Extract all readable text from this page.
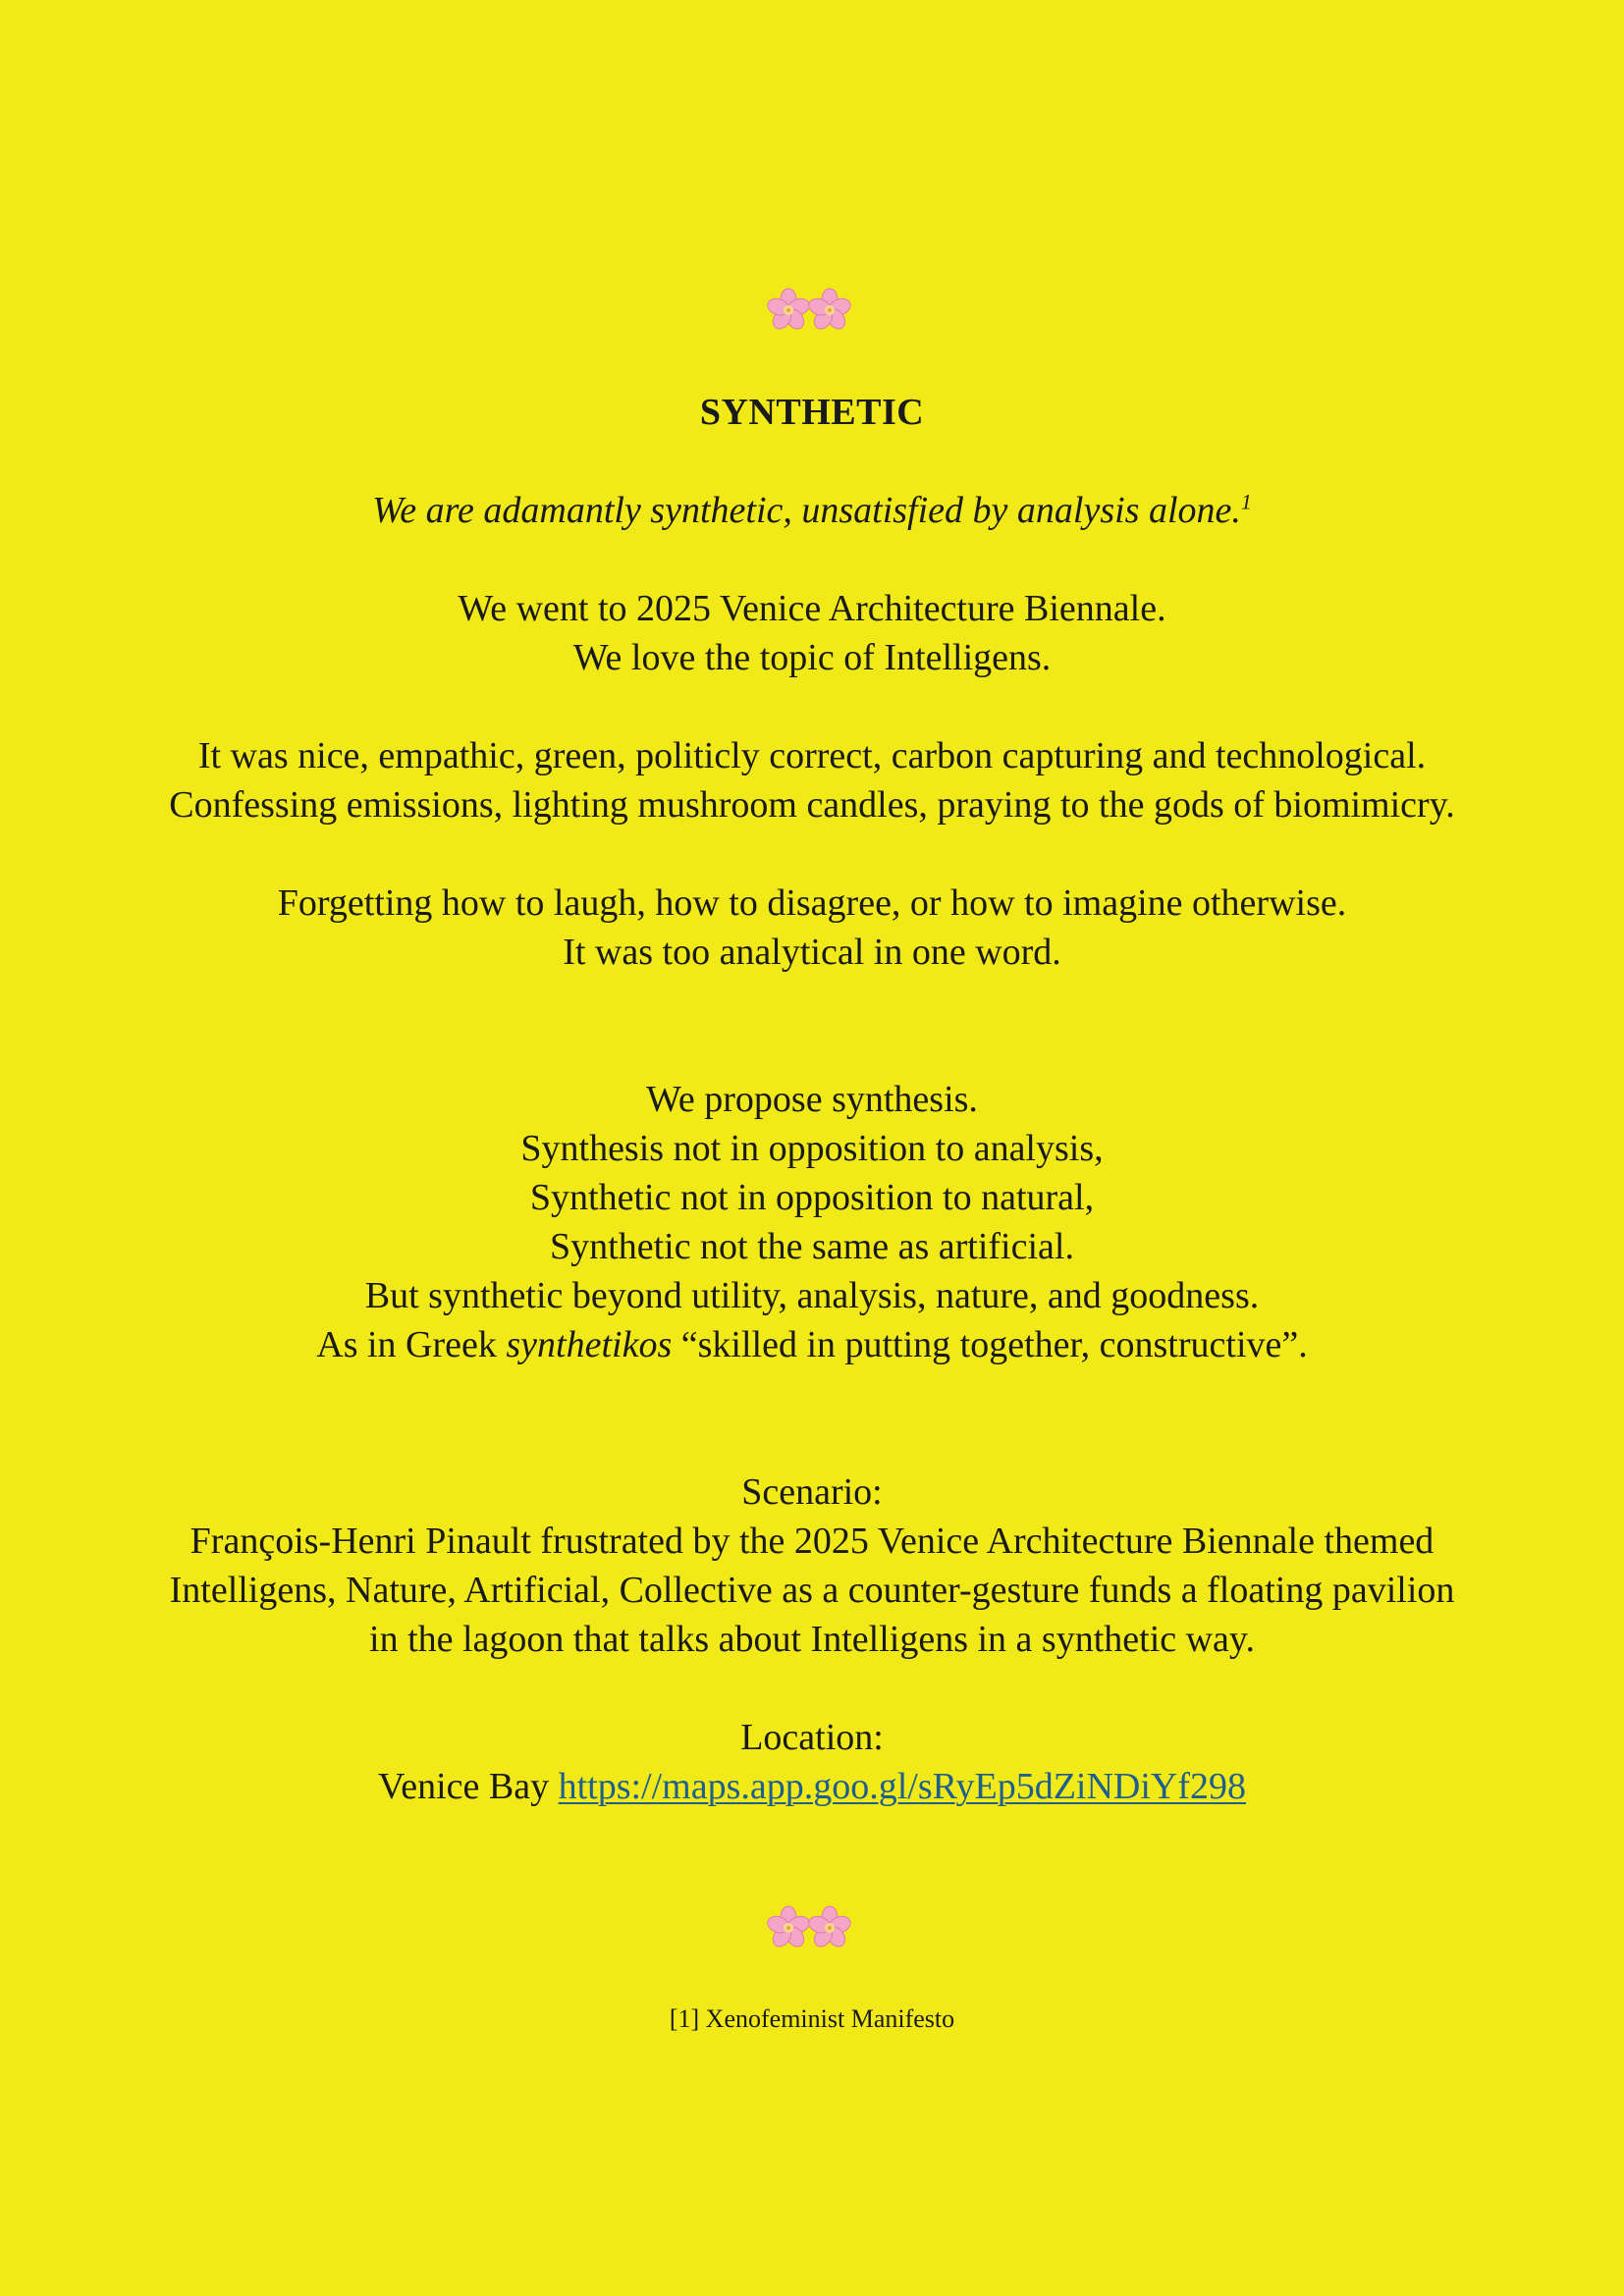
SYNTHETIC
We are adamantly synthetic, unsatisfied by analysis alone.$^1$
We went to 2025 Venice Architecture Biennale.
We love the topic of Intelligens.
It was nice, empathic, green, politicly correct, carbon capturing and technological.
Confessing emissions, lighting mushroom candles, praying to the gods of biomimicry.
Forgetting how to laugh, how to disagree, or how to imagine otherwise.
It was too analytical in one word.
We propose synthesis.
Synthesis not in opposition to analysis,
Synthetic not in opposition to natural,
Synthetic not the same as artificial.
But synthetic beyond utility, analysis, nature, and goodness.
As in Greek synthetikos “skilled in putting together, constructive”.
Scenario:
François-Henri Pinault frustrated by the 2025 Venice Architecture Biennale themed
Intelligens, Nature, Artificial, Collective as a counter-gesture funds a floating pavilion
in the lagoon that talks about Intelligens in a synthetic way.
Location:
Venice Bay https://maps.app.goo.gl/sRyEp5dZiNDiYf298
[1] Xenofeminist Manifesto
